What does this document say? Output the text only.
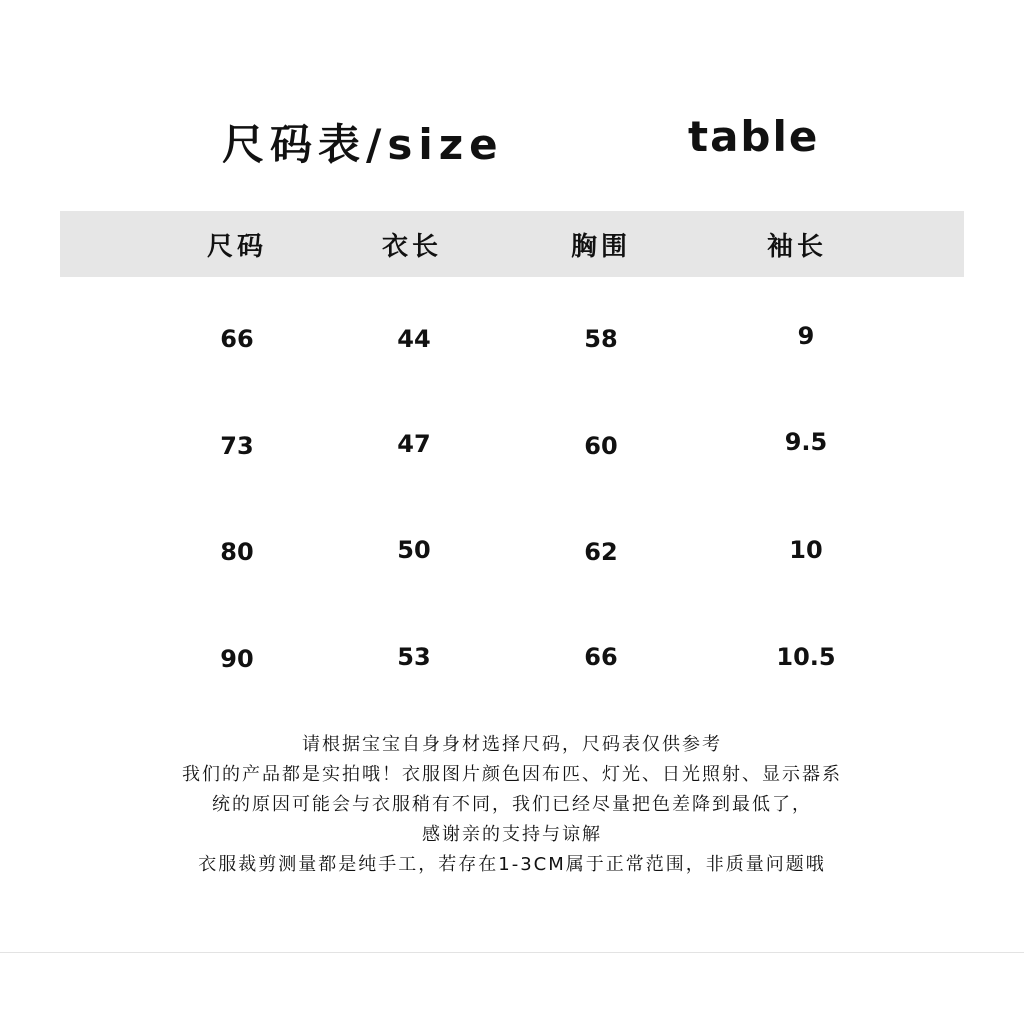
尺码表/size	table
尺码	衣长	胸围	袖长
66	44	58	9
73	47	60	9.5
80	50	62	10
90	53	66	10.5
请根据宝宝自身身材选择尺码，尺码表仅供参考
我们的产品都是实拍哦！衣服图片颜色因布匹、灯光、日光照射、显示器系
统的原因可能会与衣服稍有不同，我们已经尽量把色差降到最低了，
感谢亲的支持与谅解
衣服裁剪测量都是纯手工，若存在1-3CM属于正常范围，非质量问题哦
